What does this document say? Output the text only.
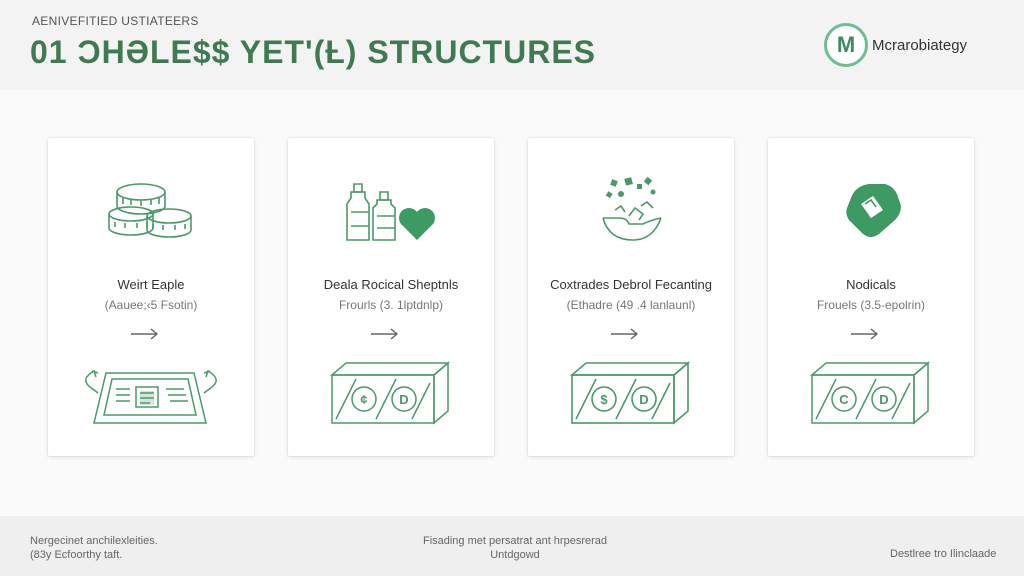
AENIVEFITIED USTIATEERS
01 ƆHƏLE$$ YET'(Ƚ) STRUCTURES	M Mcrarobiategy
Weirt Eaple
(Aauee;‹5 Fsotin)
Deala Rocical Sheptnls
Frourls (3. 1lptdnlp)
¢ D
Coxtrades Debrol Fecanting
(Ethadre (49 .4 lanlaunl)
$ D
Nodicals
Frouels (3.5-epolrin)
C D
Nergecinet anchilexleities.
(83y Ecfoorthy taft.
Fisading met persatrat ant hrpesrerad
Untdgowd	Destlree tro Ilinclaade
